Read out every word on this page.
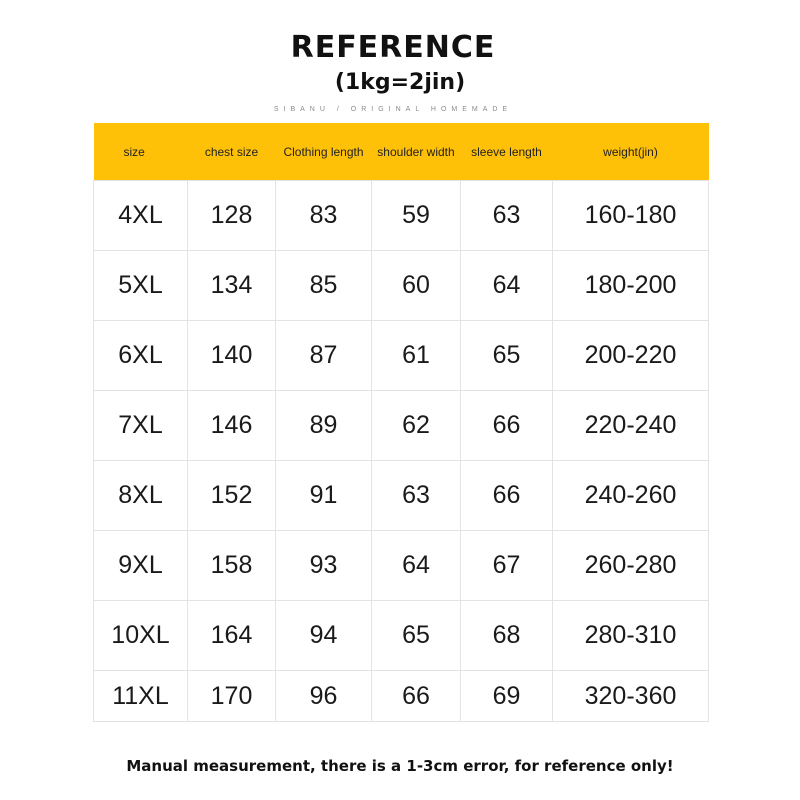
REFERENCE
(1kg=2jin)
SIBANU / ORIGINAL HOMEMADE
size	chest size	Clothing length	shoulder width	sleeve length	weight(jin)
4XL	128	83	59	63	160-180
5XL	134	85	60	64	180-200
6XL	140	87	61	65	200-220
7XL	146	89	62	66	220-240
8XL	152	91	63	66	240-260
9XL	158	93	64	67	260-280
10XL	164	94	65	68	280-310
11XL	170	96	66	69	320-360
Manual measurement, there is a 1-3cm error, for reference only!
